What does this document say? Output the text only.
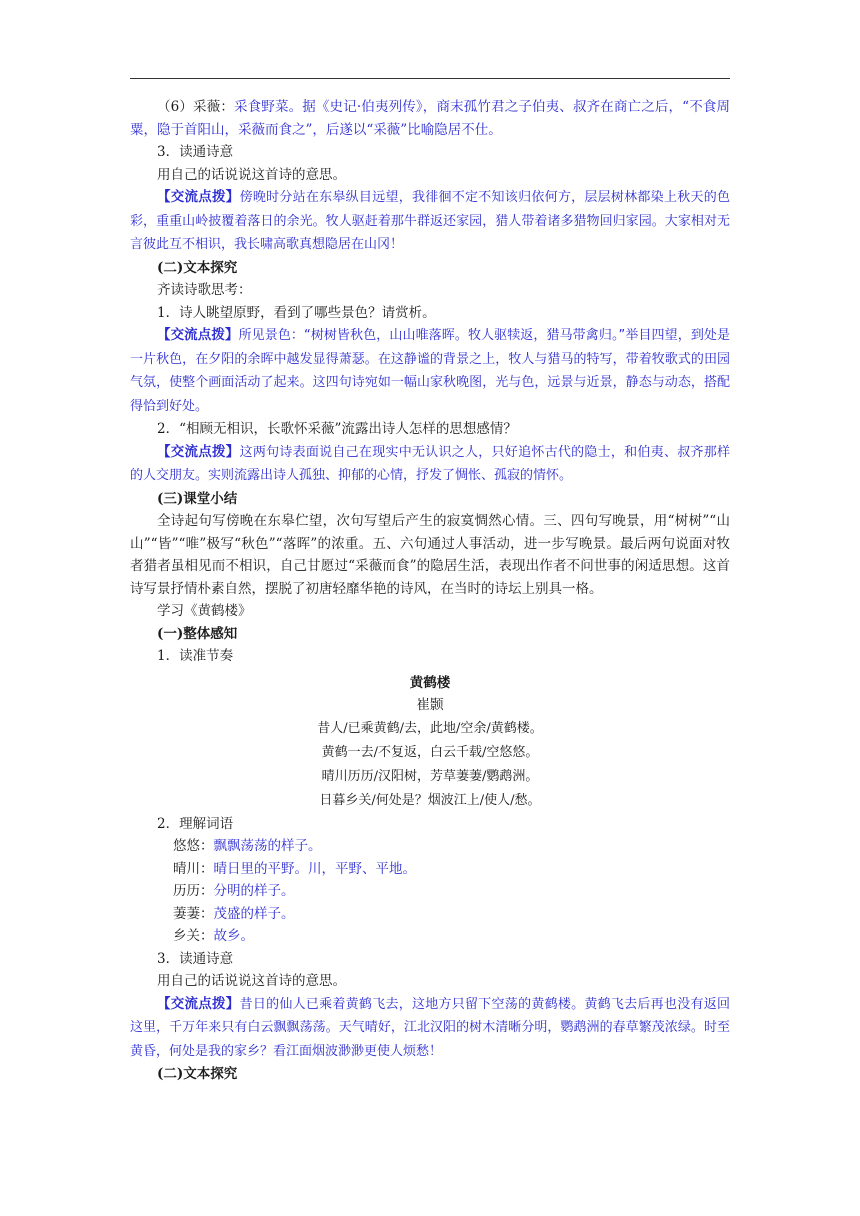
（6）采薇：采食野菜。据《史记·伯夷列传》，商末孤竹君之子伯夷、叔齐在商亡之后，“不食周粟，隐于首阳山，采薇而食之”，后遂以“采薇”比喻隐居不仕。

3．读通诗意

用自己的话说说这首诗的意思。

【交流点拨】傍晚时分站在东皋纵目远望，我徘徊不定不知该归依何方，层层树林都染上秋天的色彩，重重山岭披覆着落日的余光。牧人驱赶着那牛群返还家园，猎人带着诸多猎物回归家园。大家相对无言彼此互不相识，我长啸高歌真想隐居在山冈！

(二)文本探究

齐读诗歌思考：

1．诗人眺望原野，看到了哪些景色？请赏析。

【交流点拨】所见景色：“树树皆秋色，山山唯落晖。牧人驱犊返，猎马带禽归。”举目四望，到处是一片秋色，在夕阳的余晖中越发显得萧瑟。在这静谧的背景之上，牧人与猎马的特写，带着牧歌式的田园气氛，使整个画面活动了起来。这四句诗宛如一幅山家秋晚图，光与色，远景与近景，静态与动态，搭配得恰到好处。

2．“相顾无相识，长歌怀采薇”流露出诗人怎样的思想感情？

【交流点拨】这两句诗表面说自己在现实中无认识之人，只好追怀古代的隐士，和伯夷、叔齐那样的人交朋友。实则流露出诗人孤独、抑郁的心情，抒发了惆怅、孤寂的情怀。

(三)课堂小结

全诗起句写傍晚在东皋伫望，次句写望后产生的寂寞惆然心情。三、四句写晚景，用“树树”“山山”“皆”“唯”极写“秋色”“落晖”的浓重。五、六句通过人事活动，进一步写晚景。最后两句说面对牧者猎者虽相见而不相识，自己甘愿过“采薇而食”的隐居生活，表现出作者不问世事的闲适思想。这首诗写景抒情朴素自然，摆脱了初唐轻靡华艳的诗风，在当时的诗坛上别具一格。

学习《黄鹤楼》

(一)整体感知

1．读准节奏

黄鹤楼
崔颢
昔人/已乘黄鹤/去，此地/空余/黄鹤楼。
黄鹤一去/不复返，白云千载/空悠悠。
晴川历历/汉阳树，芳草萋萋/鹦鹉洲。
日暮乡关/何处是？烟波江上/使人/愁。

2．理解词语

悠悠：飘飘荡荡的样子。

晴川：晴日里的平野。川，平野、平地。

历历：分明的样子。

萋萋：茂盛的样子。

乡关：故乡。

3．读通诗意

用自己的话说说这首诗的意思。

【交流点拨】昔日的仙人已乘着黄鹤飞去，这地方只留下空荡的黄鹤楼。黄鹤飞去后再也没有返回这里，千万年来只有白云飘飘荡荡。天气晴好，江北汉阳的树木清晰分明，鹦鹉洲的春草繁茂浓绿。时至黄昏，何处是我的家乡？看江面烟波渺渺更使人烦愁！

(二)文本探究
